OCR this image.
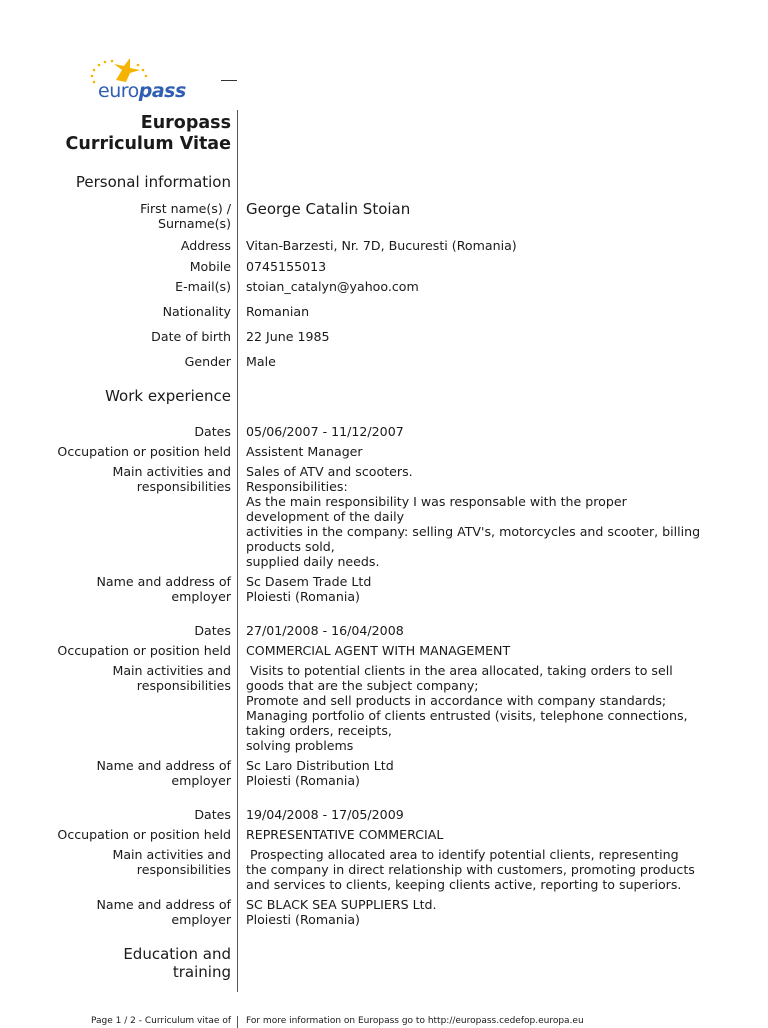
europass
Europass
Curriculum Vitae
Personal information
First name(s) /
Surname(s)
George Catalin Stoian
Address Vitan-Barzesti, Nr. 7D, Bucuresti (Romania)
Mobile 0745155013
E-mail(s) stoian_catalyn@yahoo.com
Nationality Romanian
Date of birth 22 June 1985
Gender Male
Work experience
Dates 05/06/2007 - 11/12/2007
Occupation or position held Assistent Manager
Main activities and
responsibilities
Sales of ATV and scooters.
Responsibilities:
As the main responsibility I was responsable with the proper
development of the daily
activities in the company: selling ATV's, motorcycles and scooter, billing
products sold,
supplied daily needs.
Name and address of
employer
Sc Dasem Trade Ltd
Ploiesti (Romania)
Dates 27/01/2008 - 16/04/2008
Occupation or position held COMMERCIAL AGENT WITH MANAGEMENT
Main activities and
responsibilities
Visits to potential clients in the area allocated, taking orders to sell
goods that are the subject company;
Promote and sell products in accordance with company standards;
Managing portfolio of clients entrusted (visits, telephone connections,
taking orders, receipts,
solving problems
Name and address of
employer
Sc Laro Distribution Ltd
Ploiesti (Romania)
Dates 19/04/2008 - 17/05/2009
Occupation or position held REPRESENTATIVE COMMERCIAL
Main activities and
responsibilities
Prospecting allocated area to identify potential clients, representing
the company in direct relationship with customers, promoting products
and services to clients, keeping clients active, reporting to superiors.
Name and address of
employer
SC BLACK SEA SUPPLIERS Ltd.
Ploiesti (Romania)
Education and
training
Page 1 / 2 - Curriculum vitae of For more information on Europass go to http://europass.cedefop.europa.eu
